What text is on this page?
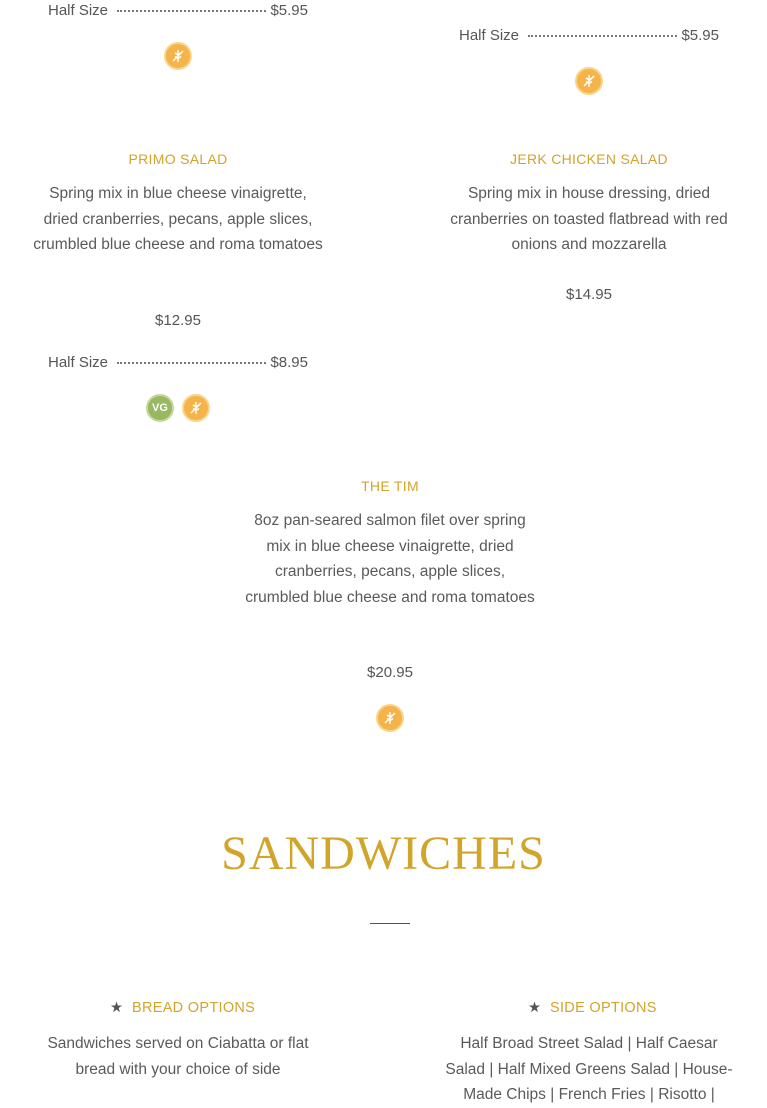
Half Size	$5.95
Half Size	$5.95
PRIMO SALAD
Spring mix in blue cheese vinaigrette, dried cranberries, pecans, apple slices, crumbled blue cheese and roma tomatoes
$12.95
Half Size	$8.95
VG
JERK CHICKEN SALAD
Spring mix in house dressing, dried cranberries on toasted flatbread with red onions and mozzarella
$14.95
THE TIM
8oz pan-seared salmon filet over spring mix in blue cheese vinaigrette, dried cranberries, pecans, apple slices, crumbled blue cheese and roma tomatoes
$20.95
SANDWICHES
★ BREAD OPTIONS
Sandwiches served on Ciabatta or flat bread with your choice of side
★ SIDE OPTIONS
Half Broad Street Salad | Half Caesar Salad | Half Mixed Greens Salad | House-Made Chips | French Fries | Risotto |
